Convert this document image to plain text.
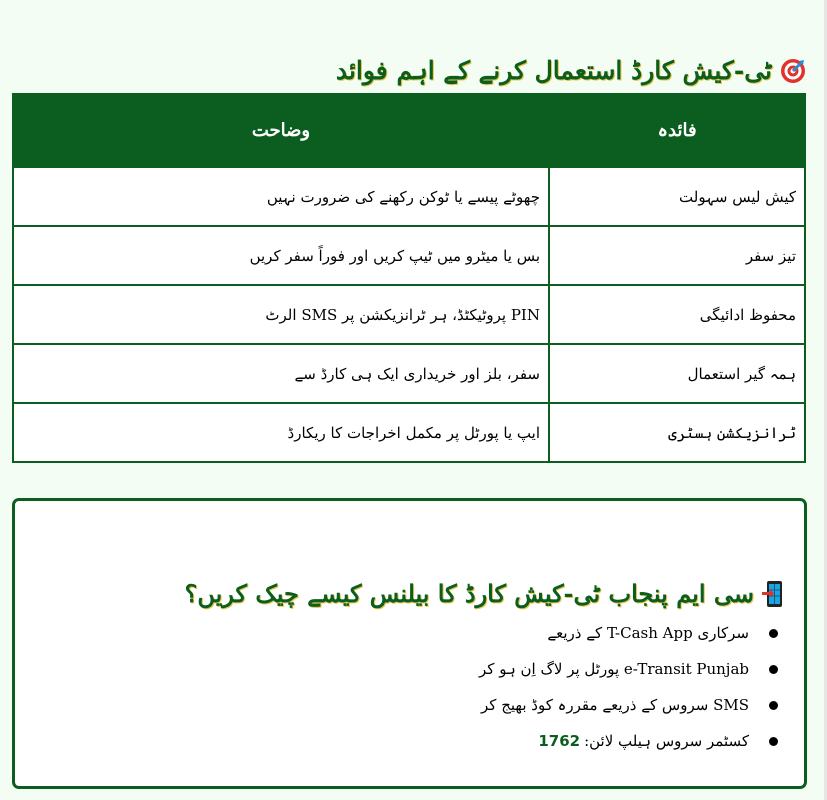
ٹی-کیش کارڈ استعمال کرنے کے اہم فوائد
فائدہ	وضاحت
کیش لیس سہولت	چھوٹے پیسے یا ٹوکن رکھنے کی ضرورت نہیں
تیز سفر	بس یا میٹرو میں ٹیپ کریں اور فوراً سفر کریں
محفوظ ادائیگی	PIN پروٹیکٹڈ، ہر ٹرانزیکشن پر SMS الرٹ
ہمہ گیر استعمال	سفر، بلز اور خریداری ایک ہی کارڈ سے
ٹرانزیکشن ہسٹری	ایپ یا پورٹل پر مکمل اخراجات کا ریکارڈ
سی ایم پنجاب ٹی-کیش کارڈ کا بیلنس کیسے چیک کریں؟
سرکاری T-Cash App کے ذریعے
e-Transit Punjab پورٹل پر لاگ اِن ہو کر
SMS سروس کے ذریعے مقررہ کوڈ بھیج کر
کسٹمر سروس ہیلپ لائن:
1762
